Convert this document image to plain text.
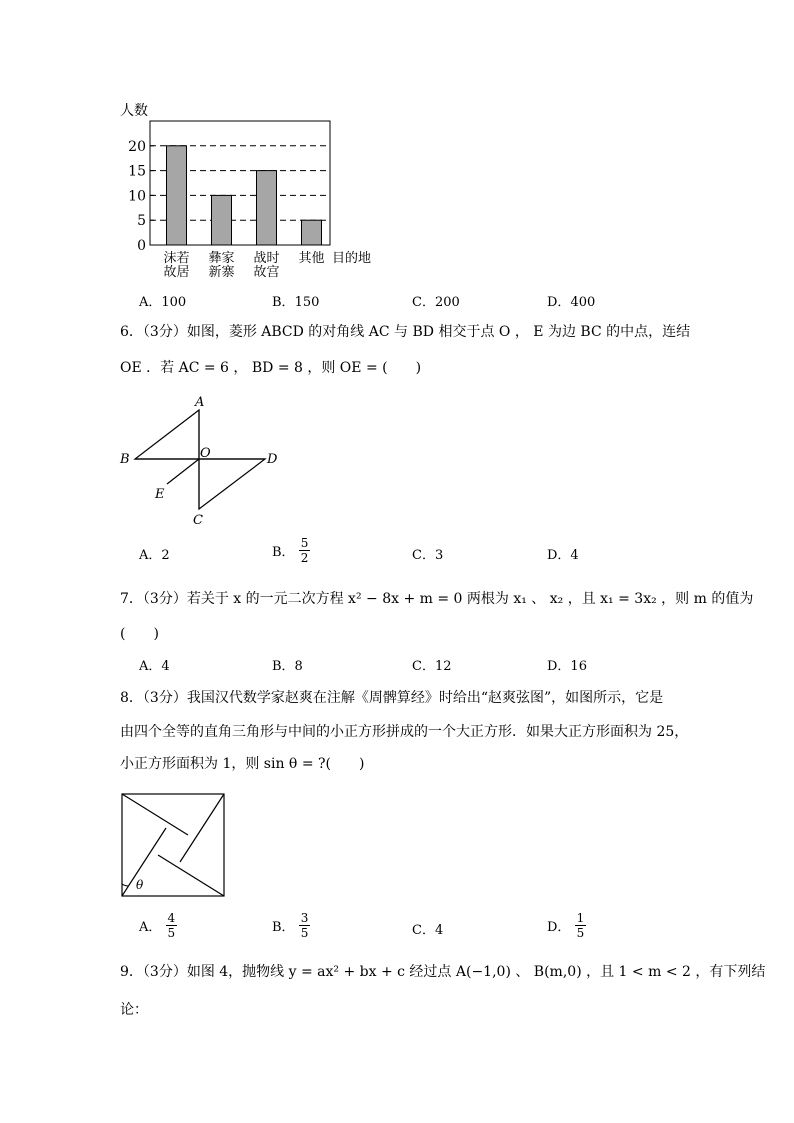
人数
0
5
10
15
20
沫若
故居
彝家
新寨
战时
故宫
其他 目的地
A．100	B．150	C．200	D．400
6．（3分）如图，菱形 ABCD 的对角线 AC 与 BD 相交于点 O ， E 为边 BC 的中点，连结
OE ．若 AC = 6 ， BD = 8 ，则 OE = (　　)
A
B	D
O
E
C
A．2	B． $\frac{5}{2}$	C．3	D．4
7．（3分）若关于 x 的一元二次方程 x² − 8x + m = 0 两根为 x₁ 、 x₂ ，且 x₁ = 3x₂ ，则 m 的值为
(　　)
A．4	B．8	C．12	D．16
8．（3分）我国汉代数学家赵爽在注解《周髀算经》时给出“赵爽弦图”，如图所示，它是
由四个全等的直角三角形与中间的小正方形拼成的一个大正方形．如果大正方形面积为 25，
小正方形面积为 1，则 sin θ = ?(　　)
θ
A． $\frac{4}{5}$	B． $\frac{3}{5}$	C．4	D． $\frac{1}{5}$
9．（3分）如图 4，抛物线 y = ax² + bx + c 经过点 A(−1,0) 、 B(m,0) ，且 1 < m < 2 ，有下列结
论：
